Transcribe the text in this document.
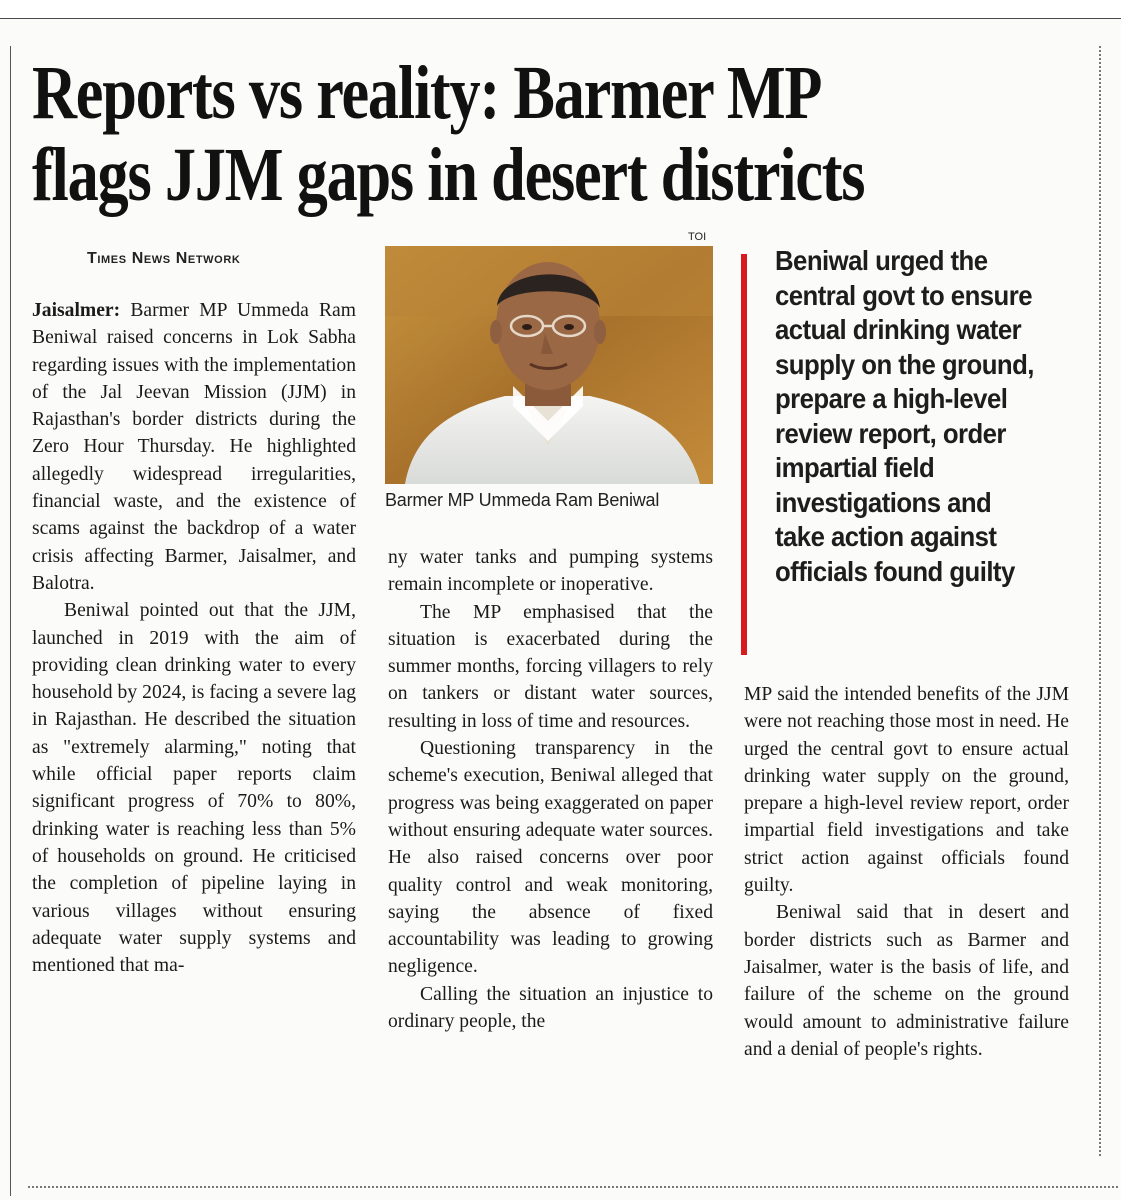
Reports vs reality: Barmer MP
flags JJM gaps in desert districts
Times News Network

Jaisalmer: Barmer MP Ummeda Ram Beniwal raised concerns in Lok Sabha regarding issues with the implementation of the Jal Jeevan Mission (JJM) in Rajasthan's border districts during the Zero Hour Thursday. He highlighted allegedly widespread irregularities, financial waste, and the existence of scams against the backdrop of a water crisis affecting Barmer, Jaisalmer, and Balotra.

Beniwal pointed out that the JJM, launched in 2019 with the aim of providing clean drinking water to every household by 2024, is facing a severe lag in Rajasthan. He described the situation as "extremely alarming," noting that while official paper reports claim significant progress of 70% to 80%, drinking water is reaching less than 5% of households on ground. He criticised the completion of pipeline laying in various villages without ensuring adequate water supply systems and mentioned that ma-

TOI
Barmer MP Ummeda Ram Beniwal

ny water tanks and pumping systems remain incomplete or inoperative.

The MP emphasised that the situation is exacerbated during the summer months, forcing villagers to rely on tankers or distant water sources, resulting in loss of time and resources.

Questioning transparency in the scheme's execution, Beniwal alleged that progress was being exaggerated on paper without ensuring adequate water sources. He also raised concerns over poor quality control and weak monitoring, saying the absence of fixed accountability was leading to growing negligence.

Calling the situation an injustice to ordinary people, the

Beniwal urged the central govt to ensure actual drinking water supply on the ground, prepare a high-level review report, order impartial field investigations and take action against officials found guilty

MP said the intended benefits of the JJM were not reaching those most in need. He urged the central govt to ensure actual drinking water supply on the ground, prepare a high-level review report, order impartial field investigations and take strict action against officials found guilty.

Beniwal said that in desert and border districts such as Barmer and Jaisalmer, water is the basis of life, and failure of the scheme on the ground would amount to administrative failure and a denial of people's rights.
